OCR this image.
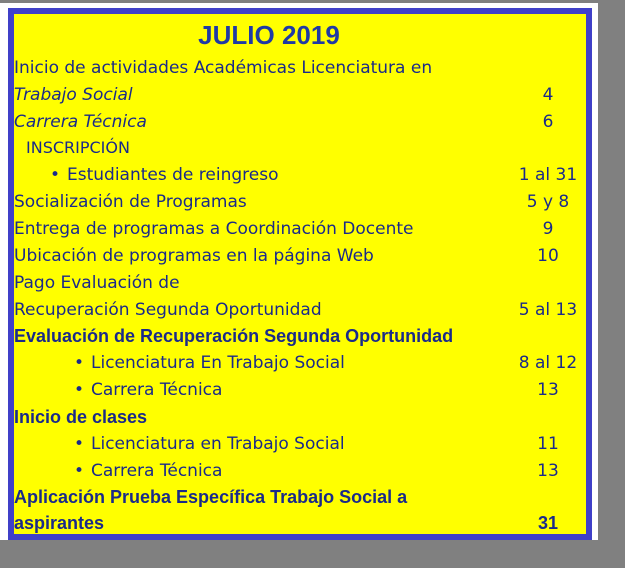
JULIO 2019
Inicio de actividades Académicas Licenciatura en
Trabajo Social	4
Carrera Técnica	6
INSCRIPCIÓN
• Estudiantes de reingreso	1 al 31
Socialización de Programas	5 y 8
Entrega de programas a Coordinación Docente	9
Ubicación de programas en la página Web	10
Pago Evaluación de
Recuperación Segunda Oportunidad	5 al 13
Evaluación de Recuperación Segunda Oportunidad
• Licenciatura En Trabajo Social	8 al 12
• Carrera Técnica	13
Inicio de clases
• Licenciatura en Trabajo Social	11
• Carrera Técnica	13
Aplicación Prueba Específica Trabajo Social a
aspirantes	31
